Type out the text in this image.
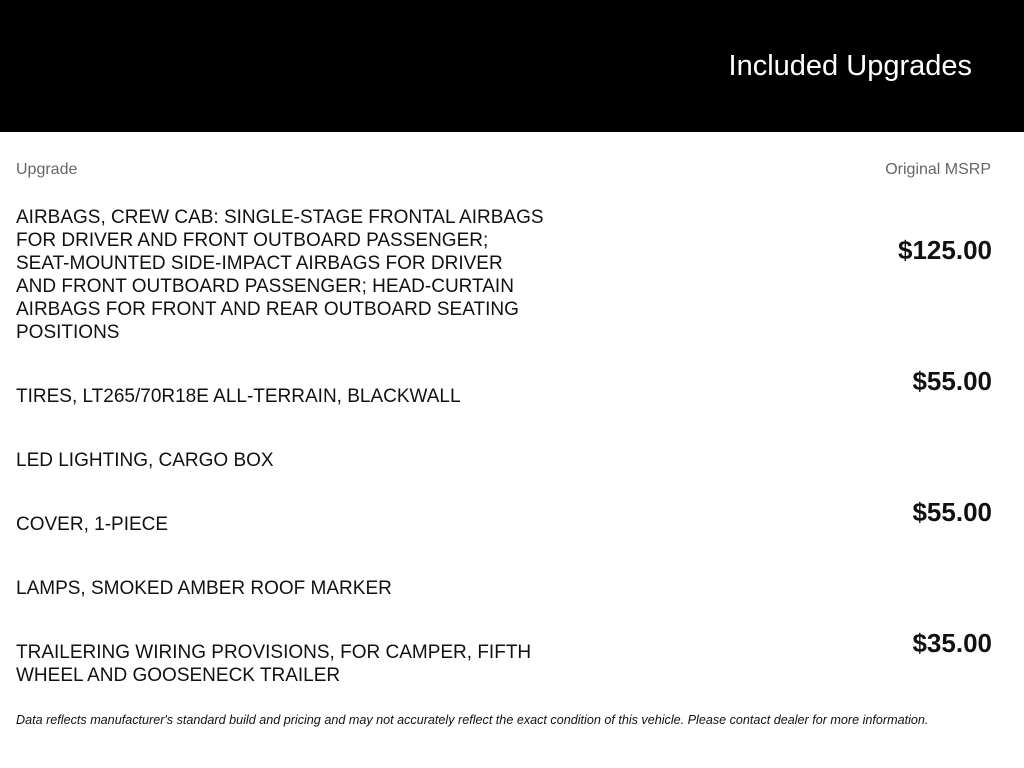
Included Upgrades
Upgrade	Original MSRP
AIRBAGS, CREW CAB: SINGLE-STAGE FRONTAL AIRBAGS FOR DRIVER AND FRONT OUTBOARD PASSENGER; SEAT-MOUNTED SIDE-IMPACT AIRBAGS FOR DRIVER AND FRONT OUTBOARD PASSENGER; HEAD-CURTAIN AIRBAGS FOR FRONT AND REAR OUTBOARD SEATING POSITIONS
TIRES, LT265/70R18E ALL-TERRAIN, BLACKWALL
LED LIGHTING, CARGO BOX
COVER, 1-PIECE
LAMPS, SMOKED AMBER ROOF MARKER
TRAILERING WIRING PROVISIONS, FOR CAMPER, FIFTH WHEEL AND GOOSENECK TRAILER
$125.00
$55.00
$55.00
$35.00
Data reflects manufacturer's standard build and pricing and may not accurately reflect the exact condition of this vehicle. Please contact dealer for more information.
